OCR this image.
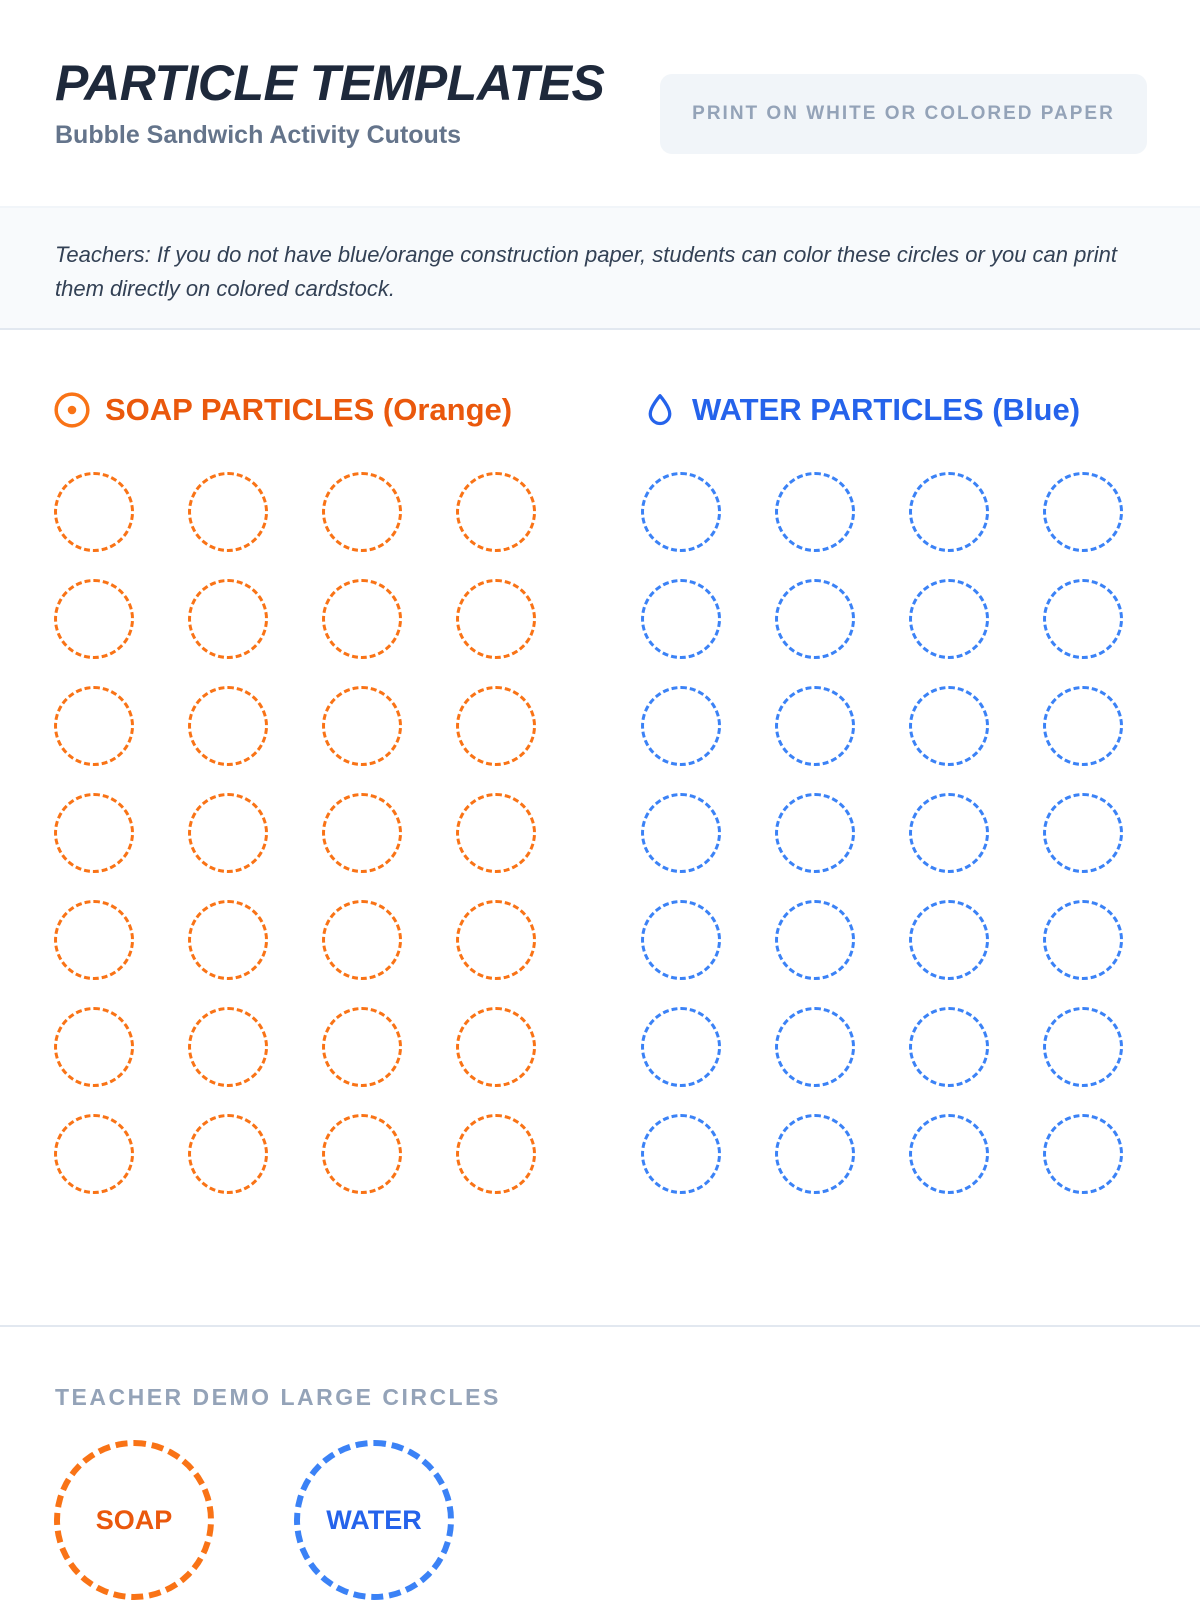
PARTICLE TEMPLATES
Bubble Sandwich Activity Cutouts
PRINT ON WHITE OR COLORED PAPER
Teachers: If you do not have blue/orange construction paper, students can color these circles or you can print them directly on colored cardstock.
SOAP PARTICLES (Orange)	WATER PARTICLES (Blue)
TEACHER DEMO LARGE CIRCLES
SOAP	WATER
